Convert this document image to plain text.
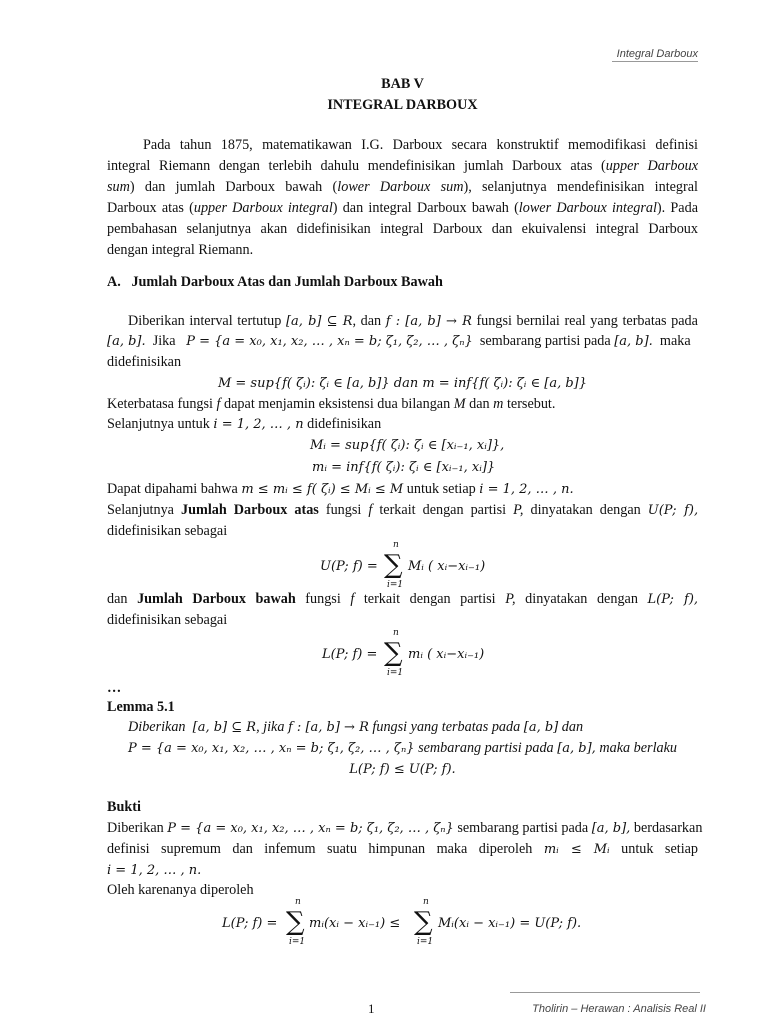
Integral Darboux
BAB V
INTEGRAL DARBOUX
Pada tahun 1875, matematikawan I.G. Darboux secara konstruktif memodifikasi definisi
integral Riemann dengan terlebih dahulu mendefinisikan jumlah Darboux atas (upper Darboux
sum) dan jumlah Darboux bawah (lower Darboux sum), selanjutnya mendefinisikan integral
Darboux atas (upper Darboux integral) dan integral Darboux bawah (lower Darboux integral). Pada
pembahasan selanjutnya akan didefinisikan integral Darboux dan ekuivalensi integral Darboux
dengan integral Riemann.
A. Jumlah Darboux Atas dan Jumlah Darboux Bawah
Diberikan interval tertutup [a, b] ⊆ R, dan f : [a, b] → R fungsi bernilai real yang terbatas pada
[a, b]. Jika P = {a = x₀, x₁, x₂, … , xₙ = b; ζ₁, ζ₂, … , ζₙ} sembarang partisi pada [a, b]. maka
didefinisikan
M = sup{f( ζᵢ): ζᵢ ∈ [a, b]} dan m = inf{f( ζᵢ): ζᵢ ∈ [a, b]}
Keterbatasa fungsi f dapat menjamin eksistensi dua bilangan M dan m tersebut.
Selanjutnya untuk i = 1, 2, … , n didefinisikan
Mᵢ = sup{f( ζᵢ): ζᵢ ∈ [xᵢ₋₁, xᵢ]},
mᵢ = inf{f( ζᵢ): ζᵢ ∈ [xᵢ₋₁, xᵢ]}
Dapat dipahami bahwa m ≤ mᵢ ≤ f( ζᵢ) ≤ Mᵢ ≤ M untuk setiap i = 1, 2, … , n.
Selanjutnya Jumlah Darboux atas fungsi f terkait dengan partisi P, dinyatakan dengan U(P; f),
didefinisikan sebagai
U(P; f) = ∑
n
i=1
Mᵢ ( xᵢ−xᵢ₋₁)
dan Jumlah Darboux bawah fungsi f terkait dengan partisi P, dinyatakan dengan L(P; f),
didefinisikan sebagai
L(P; f) = ∑
n
i=1
mᵢ ( xᵢ−xᵢ₋₁)
…
Lemma 5.1
Diberikan [a, b] ⊆ R, jika f : [a, b] → R fungsi yang terbatas pada [a, b] dan
P = {a = x₀, x₁, x₂, … , xₙ = b; ζ₁, ζ₂, … , ζₙ} sembarang partisi pada [a, b], maka berlaku
L(P; f) ≤ U(P; f).
Bukti
Diberikan P = {a = x₀, x₁, x₂, … , xₙ = b; ζ₁, ζ₂, … , ζₙ} sembarang partisi pada [a, b], berdasarkan
definisi supremum dan infemum suatu himpunan maka diperoleh mᵢ ≤ Mᵢ untuk setiap
i = 1, 2, … , n.
Oleh karenanya diperoleh
L(P; f) = ∑
n
i=1
mᵢ(xᵢ − xᵢ₋₁) ≤ ∑
n
i=1
Mᵢ(xᵢ − xᵢ₋₁) = U(P; f).
1	Tholirin – Herawan : Analisis Real II
